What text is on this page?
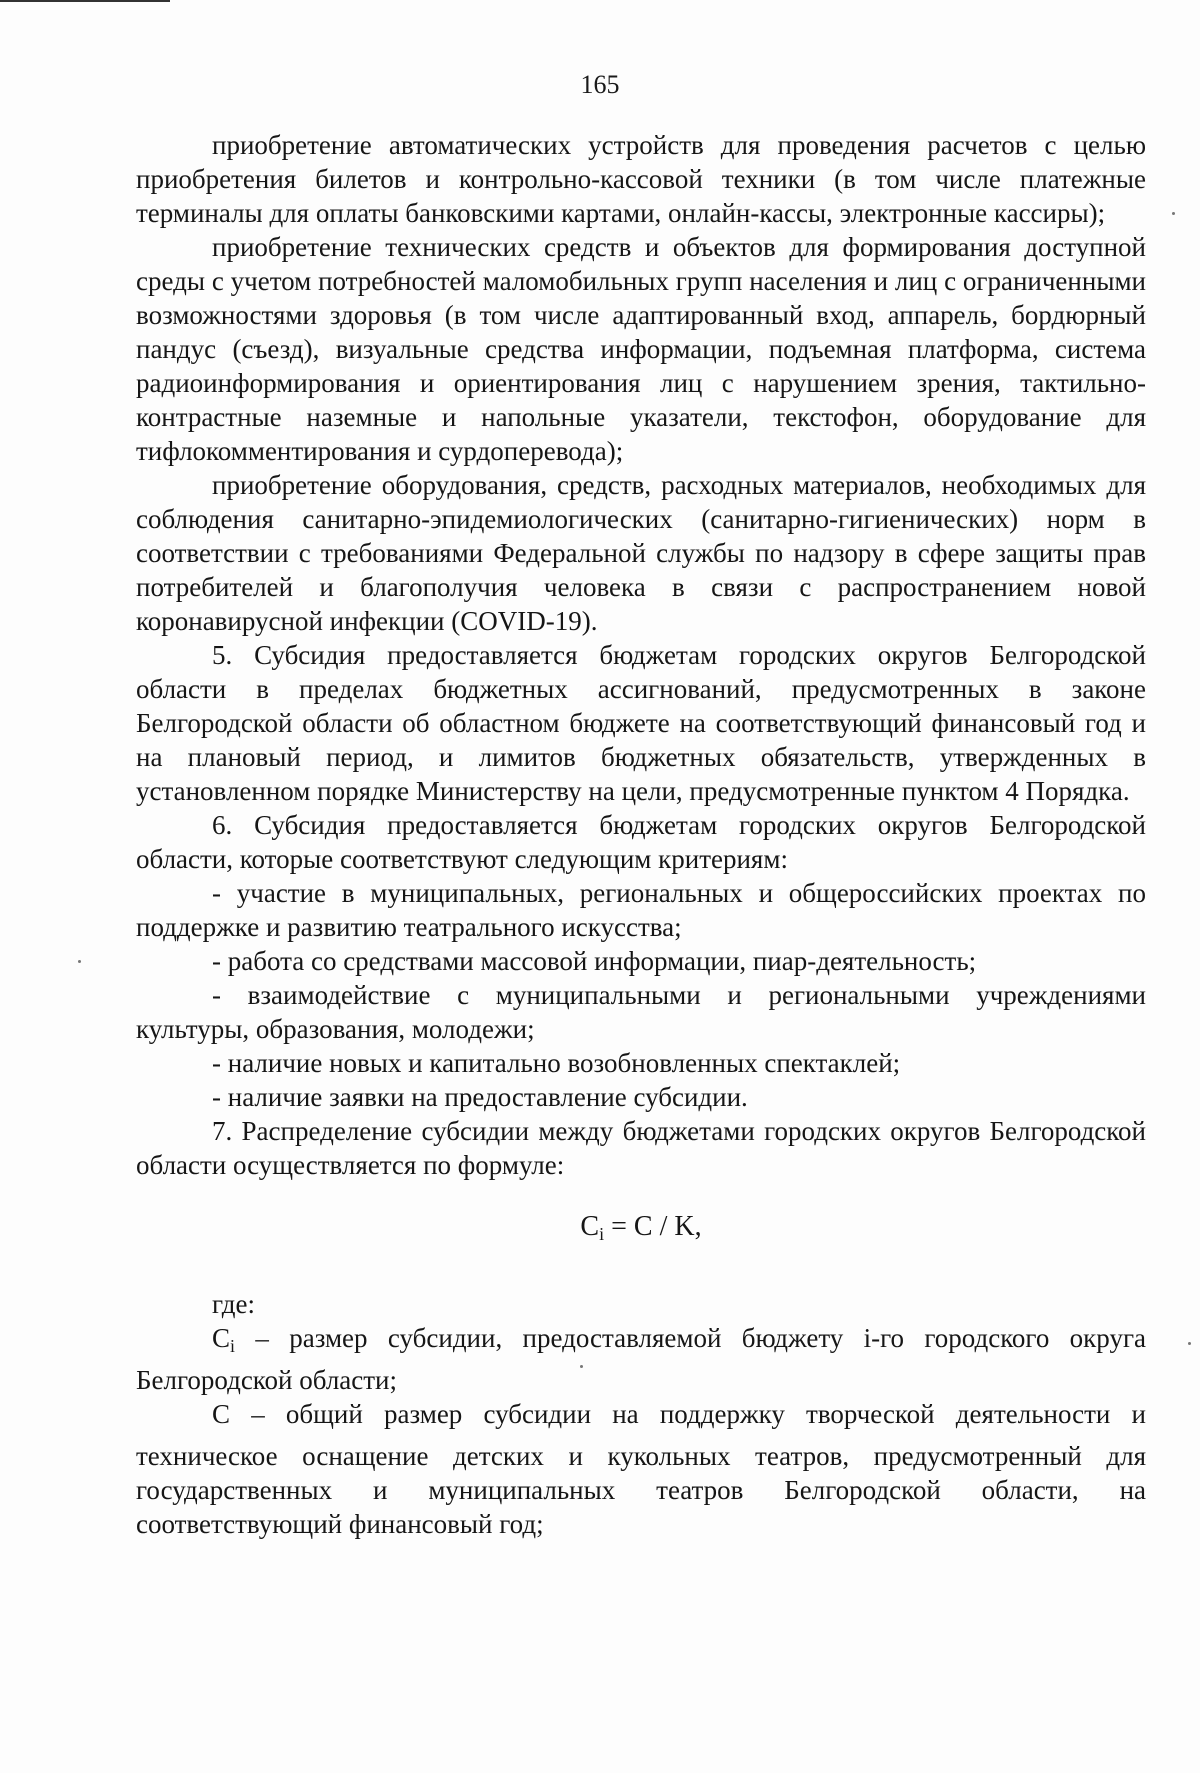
165

приобретение автоматических устройств для проведения расчетов с целью приобретения билетов и контрольно-кассовой техники (в том числе платежные терминалы для оплаты банковскими картами, онлайн-кассы, электронные кассиры);

приобретение технических средств и объектов для формирования доступной среды с учетом потребностей маломобильных групп населения и лиц с ограниченными возможностями здоровья (в том числе адаптированный вход, аппарель, бордюрный пандус (съезд), визуальные средства информации, подъемная платформа, система радиоинформирования и ориентирования лиц с нарушением зрения, тактильно-контрастные наземные и напольные указатели, текстофон, оборудование для тифлокомментирования и сурдоперевода);

приобретение оборудования, средств, расходных материалов, необходимых для соблюдения санитарно-эпидемиологических (санитарно-гигиенических) норм в соответствии с требованиями Федеральной службы по надзору в сфере защиты прав потребителей и благополучия человека в связи с распространением новой коронавирусной инфекции (COVID-19).

5. Субсидия предоставляется бюджетам городских округов Белгородской области в пределах бюджетных ассигнований, предусмотренных в законе Белгородской области об областном бюджете на соответствующий финансовый год и на плановый период, и лимитов бюджетных обязательств, утвержденных в установленном порядке Министерству на цели, предусмотренные пунктом 4 Порядка.

6. Субсидия предоставляется бюджетам городских округов Белгородской области, которые соответствуют следующим критериям:

- участие в муниципальных, региональных и общероссийских проектах по поддержке и развитию театрального искусства;

- работа со средствами массовой информации, пиар-деятельность;

- взаимодействие с муниципальными и региональными учреждениями культуры, образования, молодежи;

- наличие новых и капитально возобновленных спектаклей;

- наличие заявки на предоставление субсидии.

7. Распределение субсидии между бюджетами городских округов Белгородской области осуществляется по формуле:

$C_i = C / K$,

где:

$C_i$ – размер субсидии, предоставляемой бюджету i-го городского округа Белгородской области;

C – общий размер субсидии на поддержку творческой деятельности и техническое оснащение детских и кукольных театров, предусмотренный для государственных и муниципальных театров Белгородской области, на соответствующий финансовый год;
